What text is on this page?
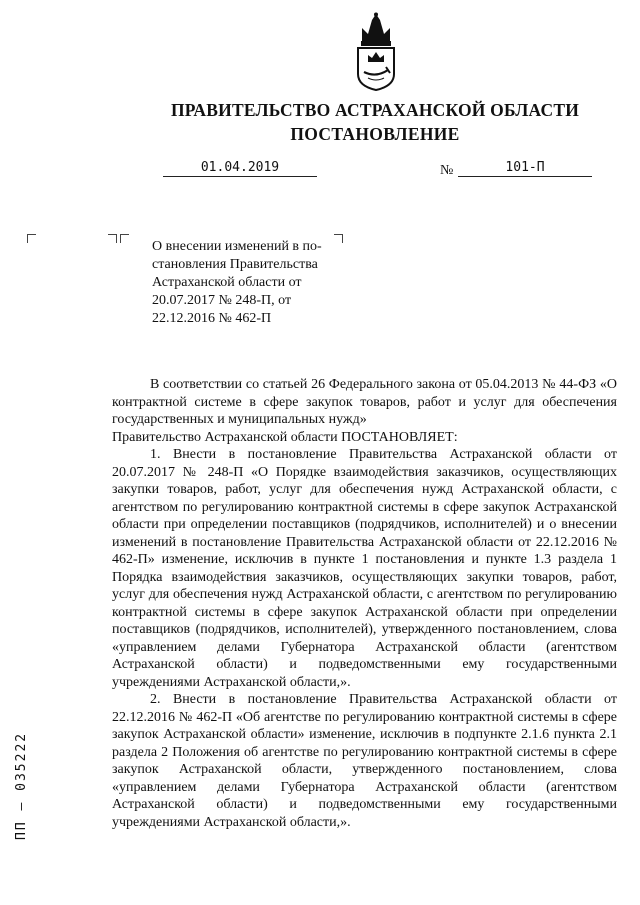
ПРАВИТЕЛЬСТВО АСТРАХАНСКОЙ ОБЛАСТИ
ПОСТАНОВЛЕНИЕ
01.04.2019	№	101-П
О внесении изменений в по-
становления Правительства
Астраханской области от
20.07.2017 № 248-П, от
22.12.2016 № 462-П

В соответствии со статьей 26 Федерального закона от 05.04.2013 № 44-ФЗ «О контрактной системе в сфере закупок товаров, работ и услуг для обеспечения государственных и муниципальных нужд»

Правительство Астраханской области ПОСТАНОВЛЯЕТ:

1. Внести в постановление Правительства Астраханской области от 20.07.2017 № 248-П «О Порядке взаимодействия заказчиков, осуществляющих закупки товаров, работ, услуг для обеспечения нужд Астраханской области, с агентством по регулированию контрактной системы в сфере закупок Астраханской области при определении поставщиков (подрядчиков, исполнителей) и о внесении изменений в постановление Правительства Астраханской области от 22.12.2016 № 462-П» изменение, исключив в пункте 1 постановления и пункте 1.3 раздела 1 Порядка взаимодействия заказчиков, осуществляющих закупки товаров, работ, услуг для обеспечения нужд Астраханской области, с агентством по регулированию контрактной системы в сфере закупок Астраханской области при определении поставщиков (подрядчиков, исполнителей), утвержденного постановлением, слова «управлением делами Губернатора Астраханской области (агентством Астраханской области) и подведомственными ему государственными учреждениями Астраханской области,».

2. Внести в постановление Правительства Астраханской области от 22.12.2016 № 462-П «Об агентстве по регулированию контрактной системы в сфере закупок Астраханской области» изменение, исключив в подпункте 2.1.6 пункта 2.1 раздела 2 Положения об агентстве по регулированию контрактной системы в сфере закупок Астраханской области, утвержденного постановлением, слова «управлением делами Губернатора Астраханской области (агентством Астраханской области) и подведомственными ему государственными учреждениями Астраханской области,».

ПП – 035222
